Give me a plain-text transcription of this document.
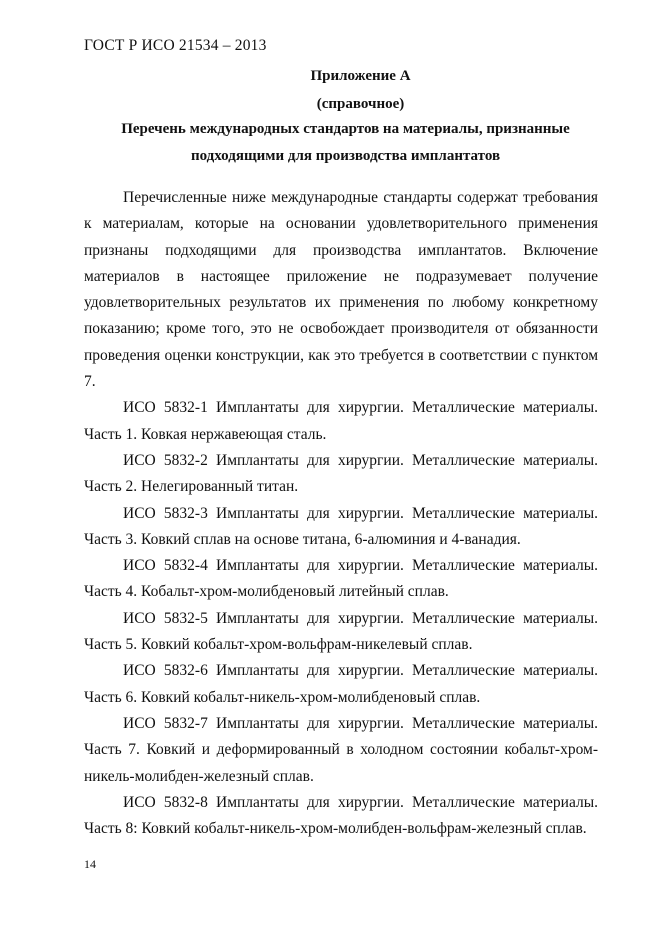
ГОСТ Р ИСО 21534 – 2013
Приложение А
(справочное)
Перечень международных стандартов на материалы, признанные
подходящими для производства имплантатов

Перечисленные ниже международные стандарты содержат требования к материалам, которые на основании удовлетворительного применения признаны подходящими для производства имплантатов. Включение материалов в настоящее приложение не подразумевает получение удовлетворительных результатов их применения по любому конкретному показанию; кроме того, это не освобождает производителя от обязанности проведения оценки конструкции, как это требуется в соответствии с пунктом 7.

ИСО 5832-1 Имплантаты для хирургии. Металлические материалы. Часть 1. Ковкая нержавеющая сталь.

ИСО 5832-2 Имплантаты для хирургии. Металлические материалы. Часть 2. Нелегированный титан.

ИСО 5832-3 Имплантаты для хирургии. Металлические материалы. Часть 3. Ковкий сплав на основе титана, 6-алюминия и 4-ванадия.

ИСО 5832-4 Имплантаты для хирургии. Металлические материалы. Часть 4. Кобальт-хром-молибденовый литейный сплав.

ИСО 5832-5 Имплантаты для хирургии. Металлические материалы. Часть 5. Ковкий кобальт-хром-вольфрам-никелевый сплав.

ИСО 5832-6 Имплантаты для хирургии. Металлические материалы. Часть 6. Ковкий кобальт-никель-хром-молибденовый сплав.

ИСО 5832-7 Имплантаты для хирургии. Металлические материалы. Часть 7. Ковкий и деформированный в холодном состоянии кобальт-хром-никель-молибден-железный сплав.

ИСО 5832-8 Имплантаты для хирургии. Металлические материалы. Часть 8: Ковкий кобальт-никель-хром-молибден-вольфрам-железный сплав.

14
